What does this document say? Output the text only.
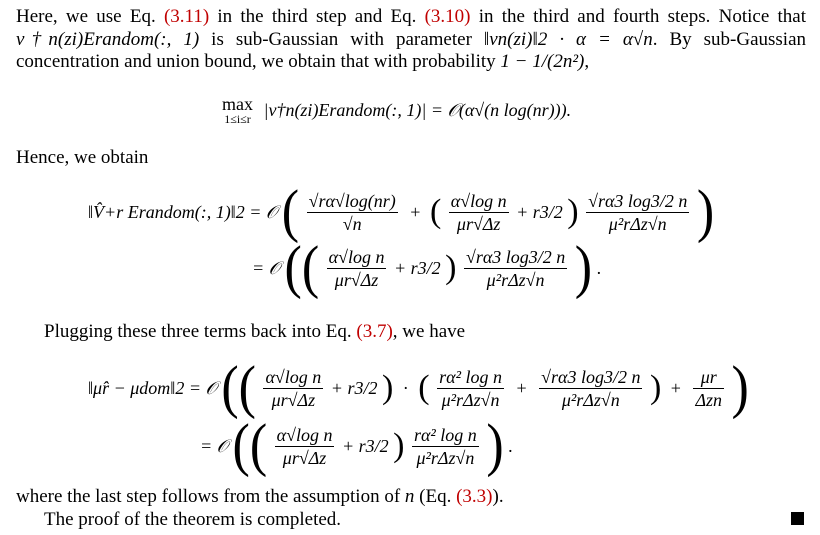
Here, we use Eq. (3.11) in the third step and Eq. (3.10) in the third and fourth steps. Notice that v†n(zi)Erandom(:, 1) is sub-Gaussian with parameter ‖vn(zi)‖2 · α = α√n. By sub-Gaussian concentration and union bound, we obtain that with probability 1 − 1/(2n²),
max
1≤i≤r |v†n(zi)Erandom(:, 1)| = 𝒪(α√(n log(nr))).
Hence, we obtain
‖V̂+r Erandom(:, 1)‖2 = 𝒪 ( $\frac{√r\alpha√\log(nr)}{√n}$ + ( $\frac{\text{α√log n}}{\mu r√\Delta z} + r3/2$ ) $\frac{√r\alpha 3 \log 3/2 n}{\text{μ²rΔz√n}}$ )
= 𝒪 (( $\frac{\text{α√log n}}{\mu r√\Delta z} + r3/2$ ) $\frac{√r\alpha 3 \log 3/2 n}{\text{μ²rΔz√n}}$ ) .
Plugging these three terms back into Eq. (3.7), we have
‖μ̂r − μdom‖2 = 𝒪 (( $\frac{\text{α√log n}}{\mu r√\Delta z} + r3/2$ ) · ( $\frac{\text{rα² log n}}{\text{μ²rΔz√n}} + \frac{√r\alpha 3 \log 3/2 n}{\text{μ²rΔz√n}}$ ) + $\frac{\mu r}{\text{Δzn}}$ )
= 𝒪 (( $\frac{\text{α√log n}}{\mu r√\Delta z} + r3/2$ ) $\frac{\text{rα² log n}}{\text{μ²rΔz√n}}$ ) .
where the last step follows from the assumption of n (Eq. (3.3)).
The proof of the theorem is completed.
